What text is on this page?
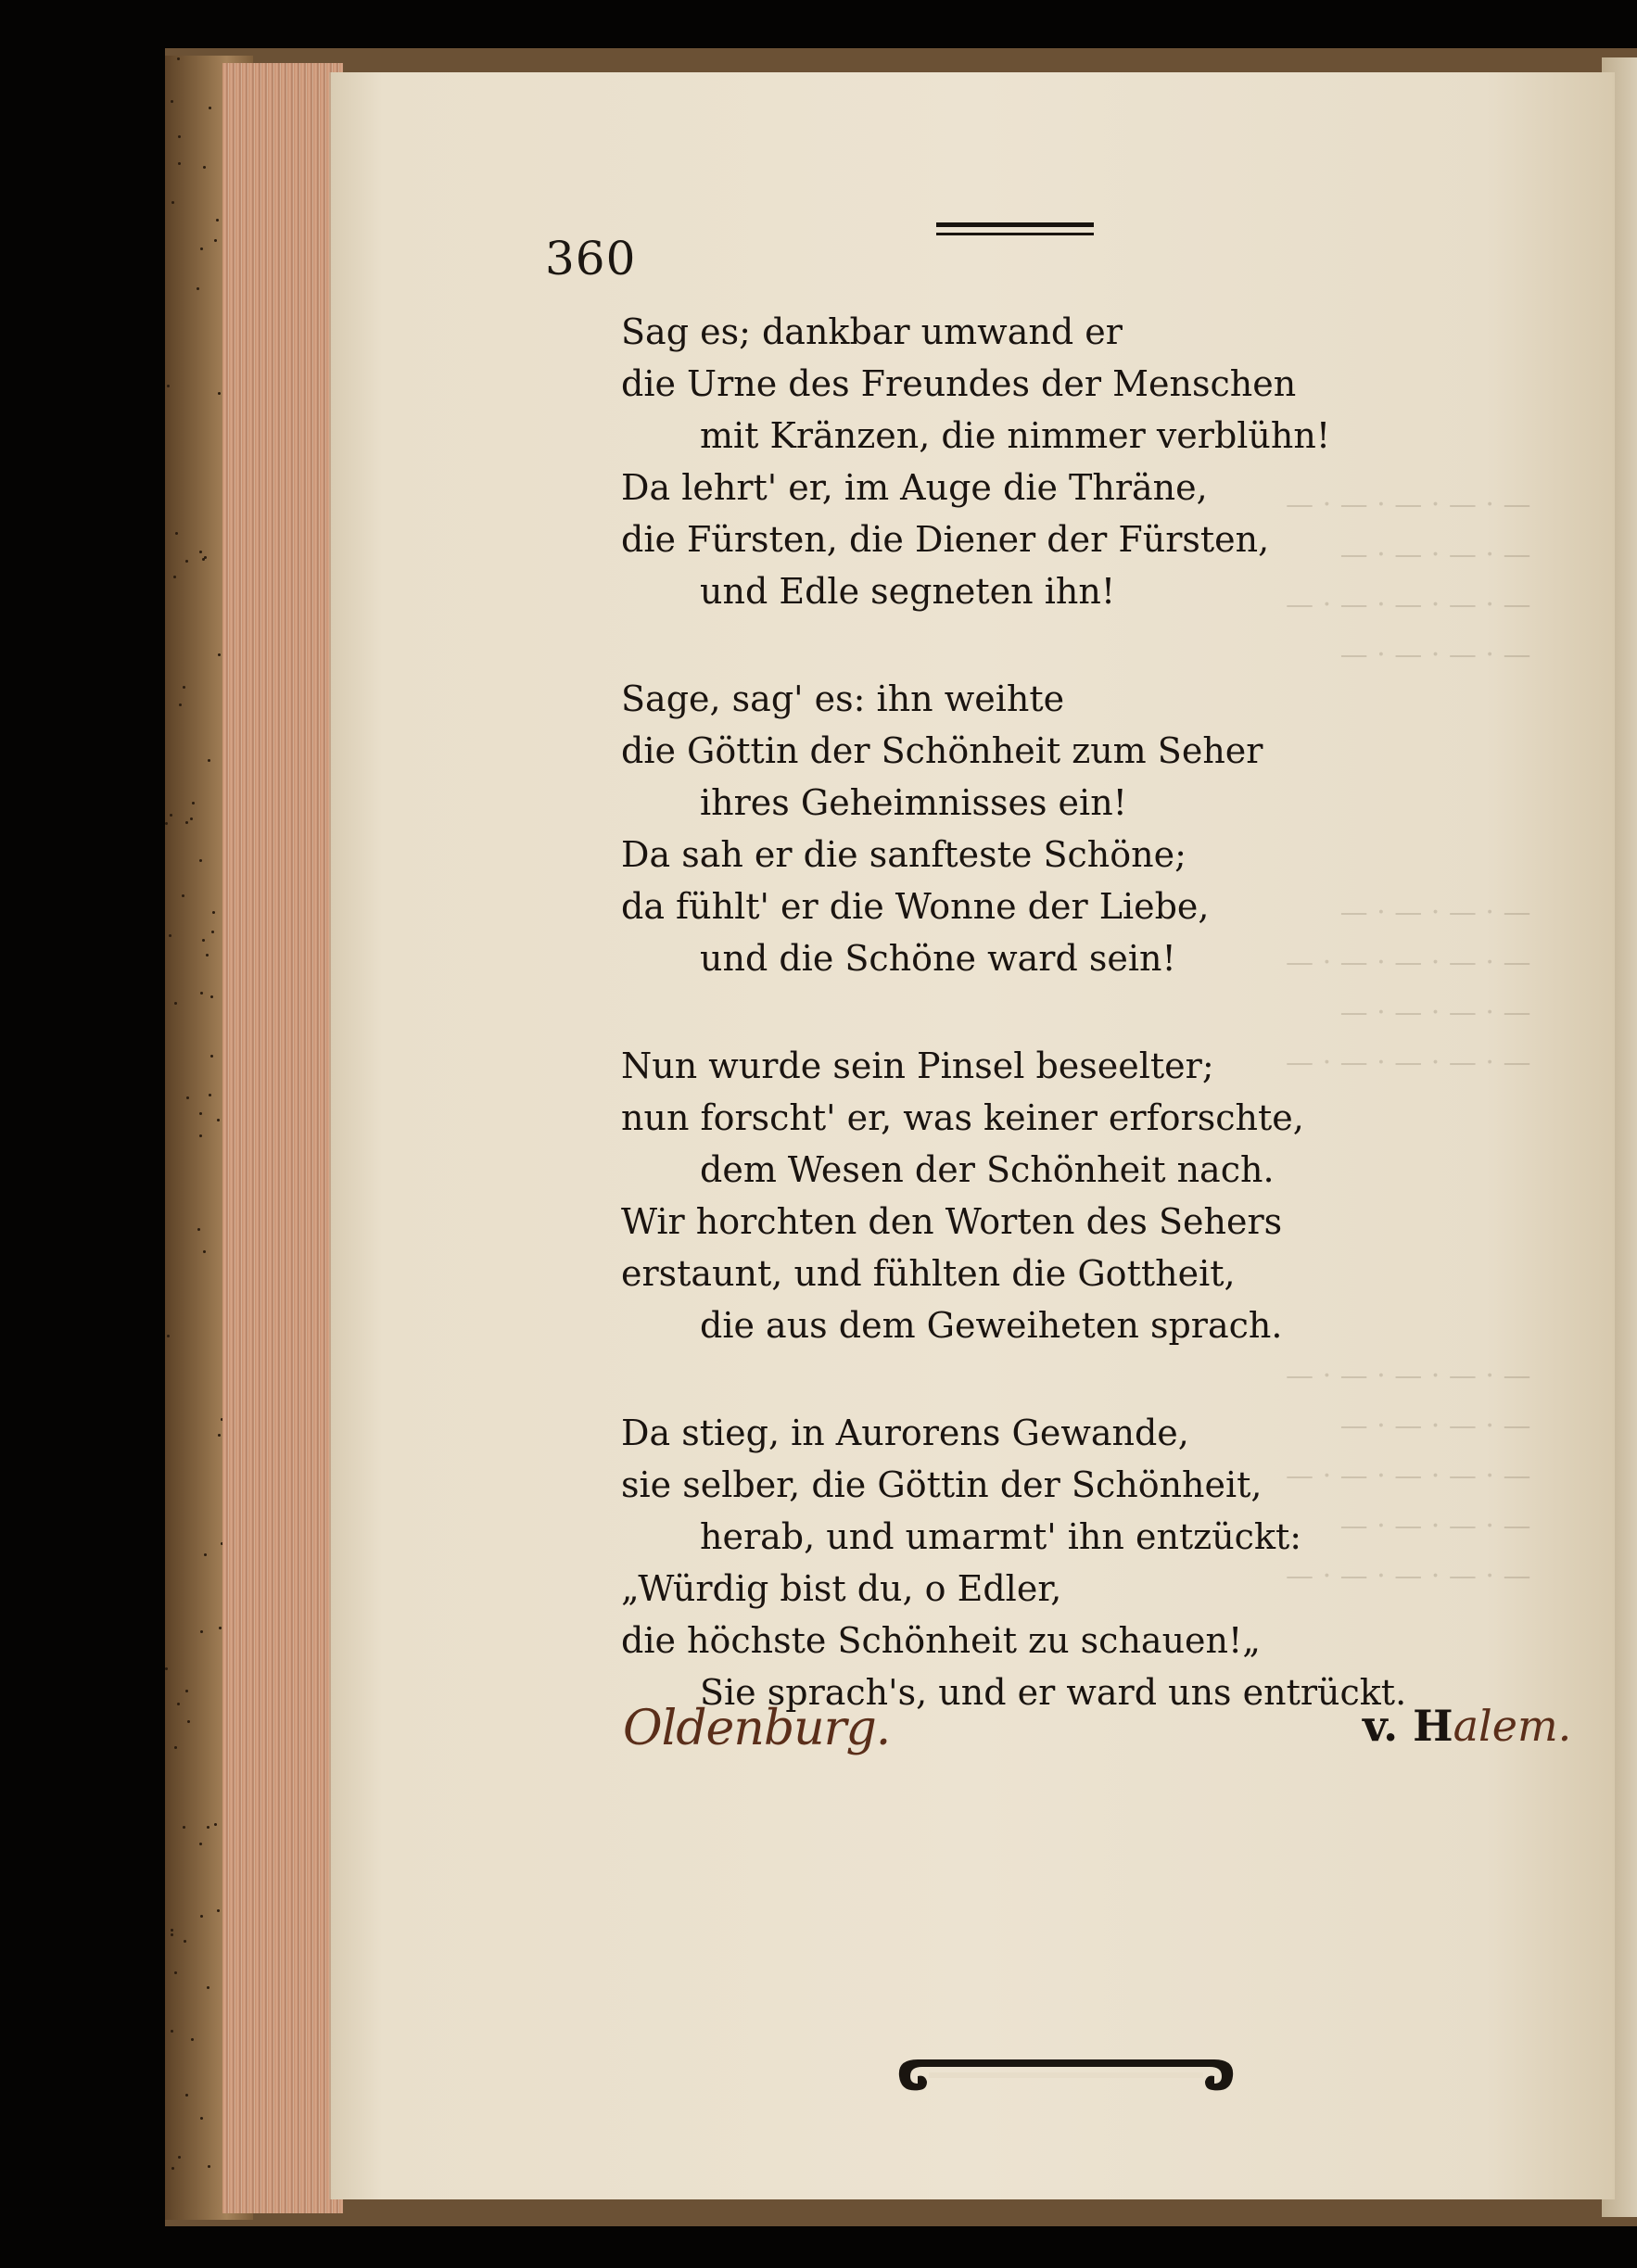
— · — · — · — · —
— · — · — · —
— · — · — · — · —
— · — · — · —
— · — · — · —
— · — · — · — · —
— · — · — · —
— · — · — · — · —
— · — · — · — · —
— · — · — · —
— · — · — · — · —
— · — · — · —
— · — · — · — · —
360
Sag es; dankbar umwand er
die Urne des Freundes der Menschen
mit Kränzen, die nimmer verblühn!
Da lehrt' er, im Auge die Thräne,
die Fürsten, die Diener der Fürsten,
und Edle segneten ihn!
Sage, sag' es: ihn weihte
die Göttin der Schönheit zum Seher
ihres Geheimnisses ein!
Da sah er die sanfteste Schöne;
da fühlt' er die Wonne der Liebe,
und die Schöne ward sein!
Nun wurde sein Pinsel beseelter;
nun forscht' er, was keiner erforschte,
dem Wesen der Schönheit nach.
Wir horchten den Worten des Sehers
erstaunt, und fühlten die Gottheit,
die aus dem Geweiheten sprach.
Da stieg, in Aurorens Gewande,
sie selber, die Göttin der Schönheit,
herab, und umarmt' ihn entzückt:
„Würdig bist du, o Edler,
die höchste Schönheit zu schauen!„
Sie sprach's, und er ward uns entrückt.
Oldenburg.	v. Halem.
